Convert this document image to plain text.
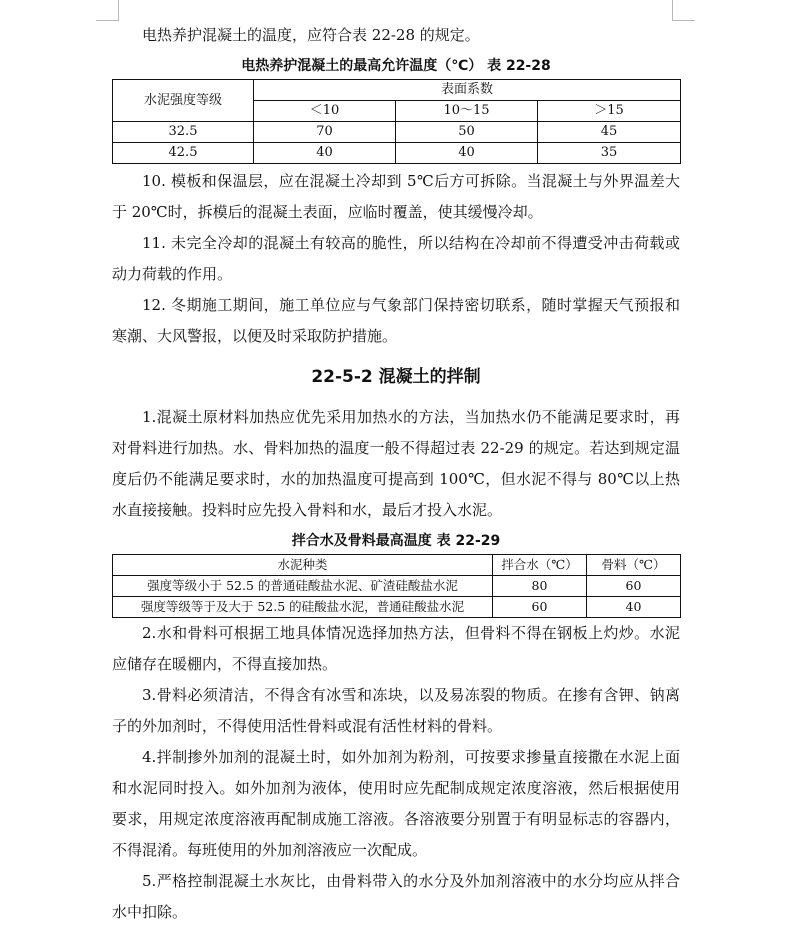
电热养护混凝土的温度，应符合表 22-28 的规定。

电热养护混凝土的最高允许温度（℃） 表 22-28
水泥强度等级	表面系数		
	＜10	10～15	＞15
32.5	70	50	45
42.5	40	40	35

10. 模板和保温层，应在混凝土冷却到 5℃后方可拆除。当混凝土与外界温差大于 20℃时，拆模后的混凝土表面，应临时覆盖，使其缓慢冷却。

11. 未完全冷却的混凝土有较高的脆性，所以结构在冷却前不得遭受冲击荷载或动力荷载的作用。

12. 冬期施工期间，施工单位应与气象部门保持密切联系，随时掌握天气预报和寒潮、大风警报，以便及时采取防护措施。

22-5-2 混凝土的拌制

1.混凝土原材料加热应优先采用加热水的方法，当加热水仍不能满足要求时，再对骨料进行加热。水、骨料加热的温度一般不得超过表 22-29 的规定。若达到规定温度后仍不能满足要求时，水的加热温度可提高到 100℃，但水泥不得与 80℃以上热水直接接触。投料时应先投入骨料和水，最后才投入水泥。

拌合水及骨料最高温度 表 22-29
水泥种类	拌合水（℃）	骨料（℃）
强度等级小于 52.5 的普通硅酸盐水泥、矿渣硅酸盐水泥	80	60
强度等级等于及大于 52.5 的硅酸盐水泥，普通硅酸盐水泥	60	40

2.水和骨料可根据工地具体情况选择加热方法，但骨料不得在钢板上灼炒。水泥应储存在暖棚内，不得直接加热。

3.骨料必须清洁，不得含有冰雪和冻块，以及易冻裂的物质。在掺有含钾、钠离子的外加剂时，不得使用活性骨料或混有活性材料的骨料。

4.拌制掺外加剂的混凝土时，如外加剂为粉剂，可按要求掺量直接撒在水泥上面和水泥同时投入。如外加剂为液体，使用时应先配制成规定浓度溶液，然后根据使用要求，用规定浓度溶液再配制成施工溶液。各溶液要分别置于有明显标志的容器内，不得混淆。每班使用的外加剂溶液应一次配成。

5.严格控制混凝土水灰比，由骨料带入的水分及外加剂溶液中的水分均应从拌合水中扣除。
